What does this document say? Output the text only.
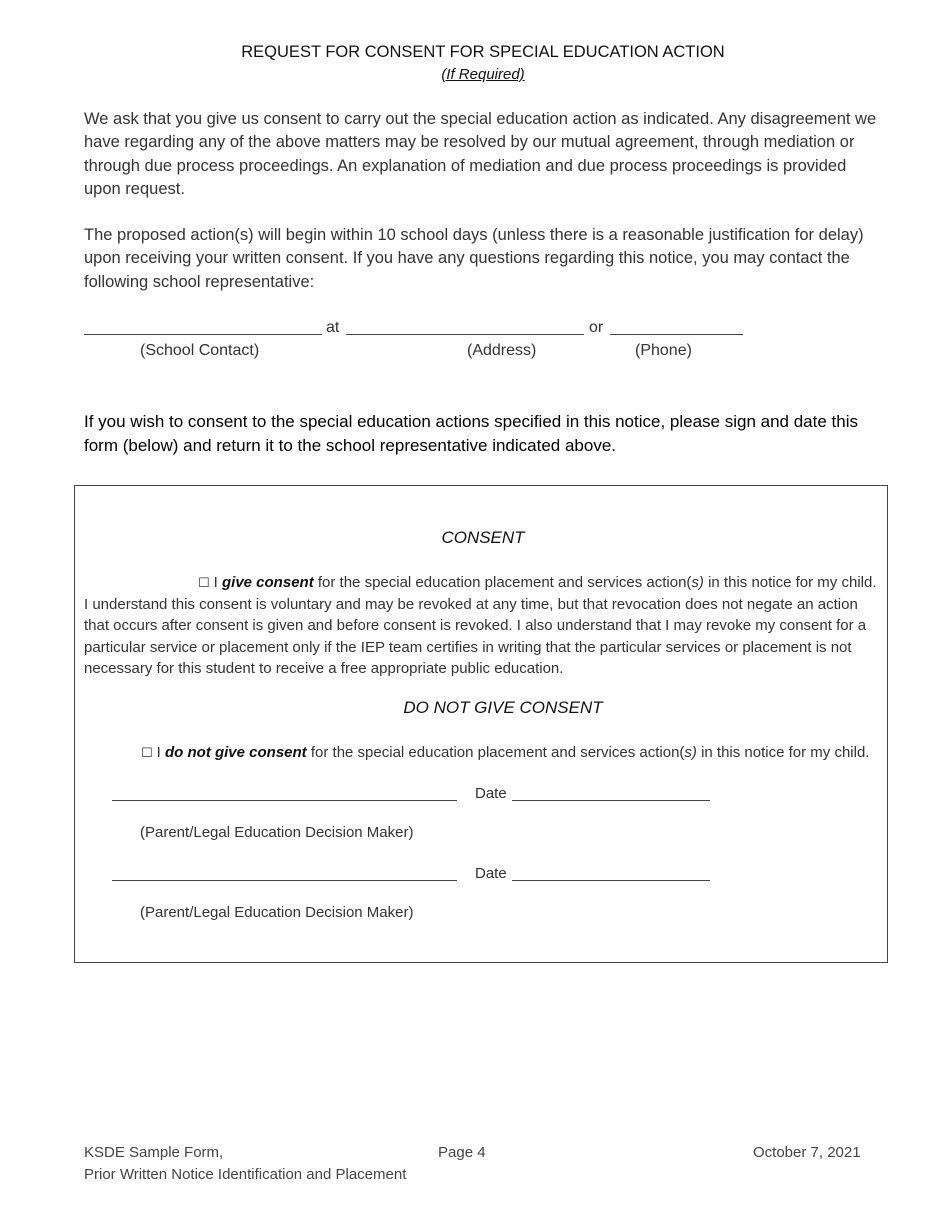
REQUEST FOR CONSENT FOR SPECIAL EDUCATION ACTION
(If Required)
We ask that you give us consent to carry out the special education action as indicated. Any disagreement we have regarding any of the above matters may be resolved by our mutual agreement, through mediation or through due process proceedings. An explanation of mediation and due process proceedings is provided upon request.
The proposed action(s) will begin within 10 school days (unless there is a reasonable justification for delay) upon receiving your written consent. If you have any questions regarding this notice, you may contact the following school representative:
at	or
(School Contact)	(Address)	(Phone)
If you wish to consent to the special education actions specified in this notice, please sign and date this form (below) and return it to the school representative indicated above.
CONSENT
☐ I give consent for the special education placement and services action(s) in this notice for my child. I understand this consent is voluntary and may be revoked at any time, but that revocation does not negate an action that occurs after consent is given and before consent is revoked. I also understand that I may revoke my consent for a particular service or placement only if the IEP team certifies in writing that the particular services or placement is not necessary for this student to receive a free appropriate public education.
DO NOT GIVE CONSENT
☐ I do not give consent for the special education placement and services action(s) in this notice for my child.
Date
(Parent/Legal Education Decision Maker)
Date
(Parent/Legal Education Decision Maker)
KSDE Sample Form,
Prior Written Notice Identification and Placement
Page 4	October 7, 2021
